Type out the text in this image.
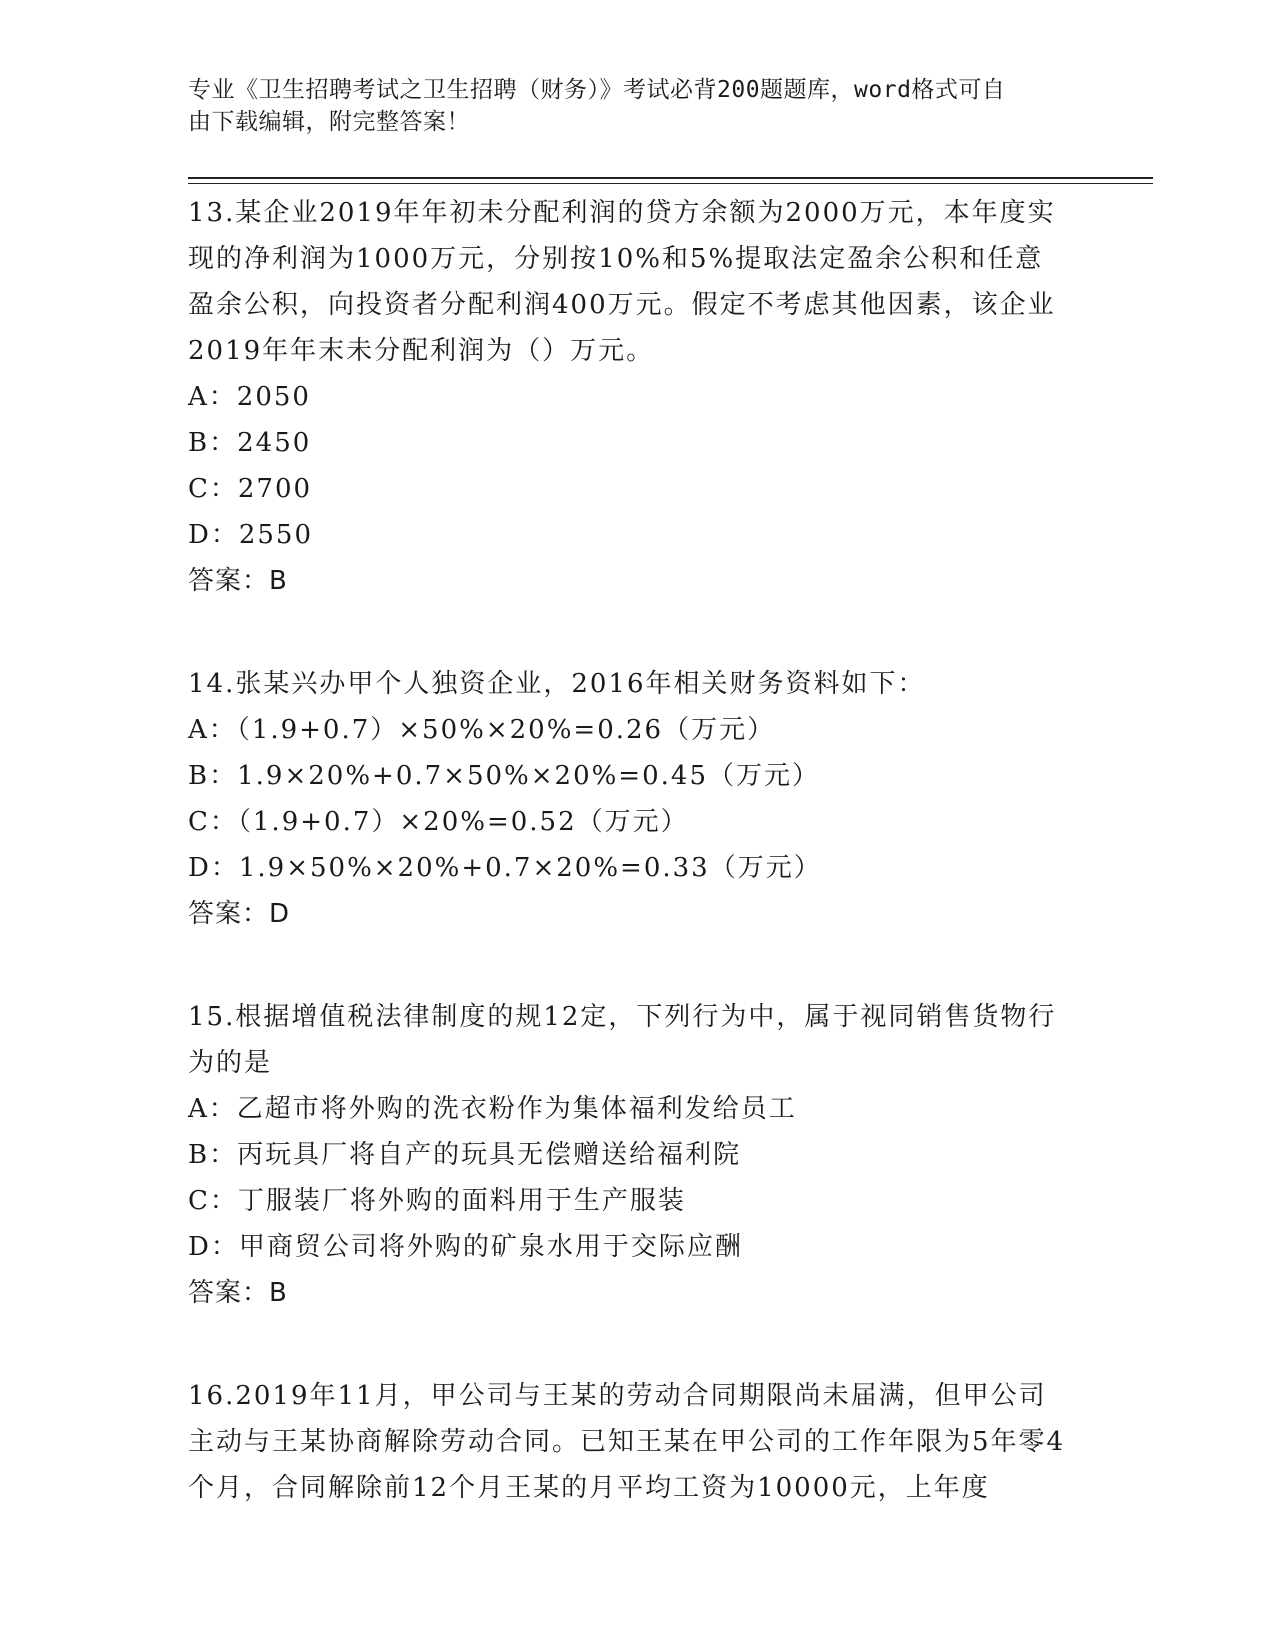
专业《卫生招聘考试之卫生招聘（财务）》考试必背200题题库，word格式可自
由下载编辑，附完整答案！

13.某企业2019年年初未分配利润的贷方余额为2000万元，本年度实现的净利润为1000万元，分别按10%和5%提取法定盈余公积和任意盈余公积，向投资者分配利润400万元。假定不考虑其他因素，该企业2019年年末未分配利润为（）万元。

A：2050

B：2450

C：2700

D：2550

答案：B

14.张某兴办甲个人独资企业，2016年相关财务资料如下：

A：（1.9+0.7）×50%×20%=0.26（万元）

B：1.9×20%+0.7×50%×20%=0.45（万元）

C：（1.9+0.7）×20%=0.52（万元）

D：1.9×50%×20%+0.7×20%=0.33（万元）

答案：D

15.根据增值税法律制度的规12定，下列行为中，属于视同销售货物行为的是

A：乙超市将外购的洗衣粉作为集体福利发给员工

B：丙玩具厂将自产的玩具无偿赠送给福利院

C：丁服装厂将外购的面料用于生产服装

D：甲商贸公司将外购的矿泉水用于交际应酬

答案：B

16.2019年11月，甲公司与王某的劳动合同期限尚未届满，但甲公司主动与王某协商解除劳动合同。已知王某在甲公司的工作年限为5年零4个月，合同解除前12个月王某的月平均工资为10000元，上年度
